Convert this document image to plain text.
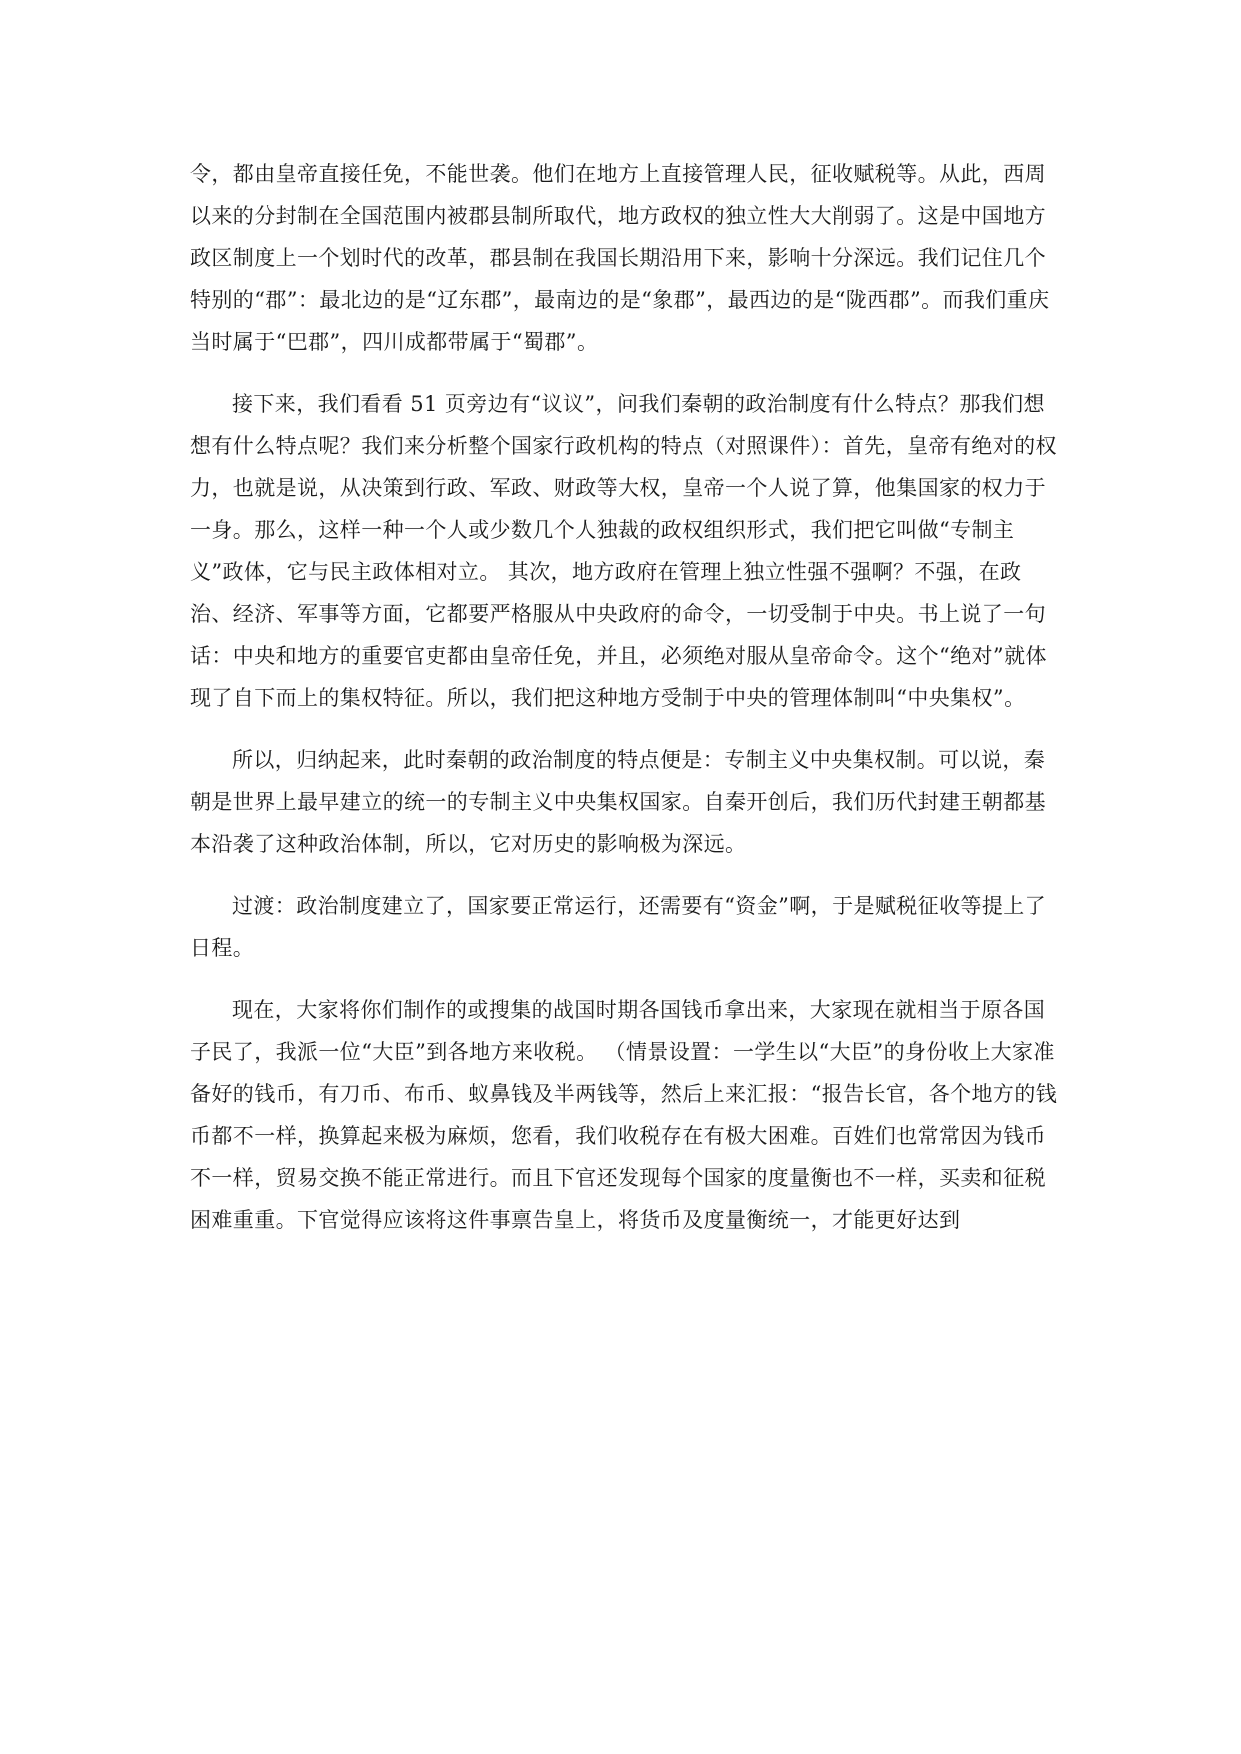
令，都由皇帝直接任免，不能世袭。他们在地方上直接管理人民，征收赋税等。从此，西周以来的分封制在全国范围内被郡县制所取代，地方政权的独立性大大削弱了。这是中国地方政区制度上一个划时代的改革，郡县制在我国长期沿用下来，影响十分深远。我们记住几个特别的“郡”：最北边的是“辽东郡”，最南边的是“象郡”，最西边的是“陇西郡”。而我们重庆当时属于“巴郡”，四川成都带属于“蜀郡”。

接下来，我们看看 51 页旁边有“议议”，问我们秦朝的政治制度有什么特点？那我们想想有什么特点呢？我们来分析整个国家行政机构的特点（对照课件）：首先，皇帝有绝对的权力，也就是说，从决策到行政、军政、财政等大权，皇帝一个人说了算，他集国家的权力于一身。那么，这样一种一个人或少数几个人独裁的政权组织形式，我们把它叫做“专制主义”政体，它与民主政体相对立。 其次，地方政府在管理上独立性强不强啊？不强，在政治、经济、军事等方面，它都要严格服从中央政府的命令，一切受制于中央。书上说了一句话：中央和地方的重要官吏都由皇帝任免，并且，必须绝对服从皇帝命令。这个“绝对”就体现了自下而上的集权特征。所以，我们把这种地方受制于中央的管理体制叫“中央集权”。

所以，归纳起来，此时秦朝的政治制度的特点便是：专制主义中央集权制。可以说，秦朝是世界上最早建立的统一的专制主义中央集权国家。自秦开创后，我们历代封建王朝都基本沿袭了这种政治体制，所以，它对历史的影响极为深远。

过渡：政治制度建立了，国家要正常运行，还需要有“资金”啊，于是赋税征收等提上了日程。

现在，大家将你们制作的或搜集的战国时期各国钱币拿出来，大家现在就相当于原各国子民了，我派一位“大臣”到各地方来收税。 （情景设置：一学生以“大臣”的身份收上大家准备好的钱币，有刀币、布币、蚁鼻钱及半两钱等，然后上来汇报：“报告长官，各个地方的钱币都不一样，换算起来极为麻烦，您看，我们收税存在有极大困难。百姓们也常常因为钱币不一样，贸易交换不能正常进行。而且下官还发现每个国家的度量衡也不一样，买卖和征税困难重重。下官觉得应该将这件事禀告皇上，将货币及度量衡统一，才能更好达到
